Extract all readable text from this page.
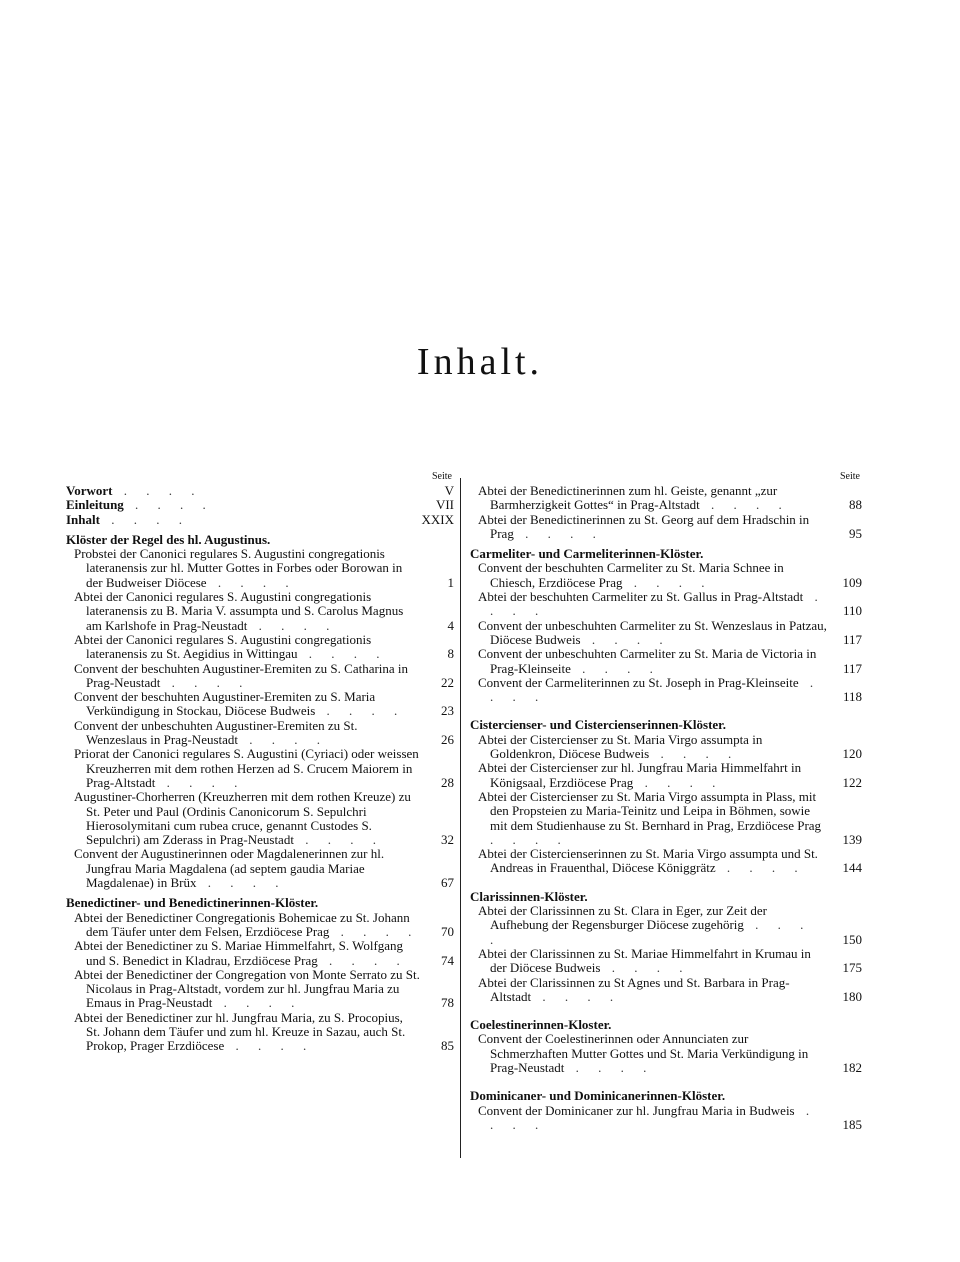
Inhalt.
Seite
Vorwort . . . .	V
Einleitung . . . .	VII
Inhalt . . . .	XXIX
Klöster der Regel des hl. Augustinus.
Probstei der Canonici regulares S. Augustini congregationis lateranensis zur hl. Mutter Gottes in Forbes oder Borowan in der Budweiser Diöcese . . . .	1
Abtei der Canonici regulares S. Augustini congregationis lateranensis zu B. Maria V. assumpta und S. Carolus Magnus am Karlshofe in Prag-Neustadt . . . .	4
Abtei der Canonici regulares S. Augustini congregationis lateranensis zu St. Aegidius in Wittingau . . . .	8
Convent der beschuhten Augustiner-Eremiten zu S. Catharina in Prag-Neustadt . . . .	22
Convent der beschuhten Augustiner-Eremiten zu S. Maria Verkündigung in Stockau, Diöcese Budweis . . . .	23
Convent der unbeschuhten Augustiner-Eremiten zu St. Wenzeslaus in Prag-Neustadt . . . .	26
Priorat der Canonici regulares S. Augustini (Cyriaci) oder weissen Kreuzherren mit dem rothen Herzen ad S. Crucem Maiorem in Prag-Altstadt . . . .	28
Augustiner-Chorherren (Kreuzherren mit dem rothen Kreuze) zu St. Peter und Paul (Ordinis Canonicorum S. Sepulchri Hierosolymitani cum rubea cruce, genannt Custodes S. Sepulchri) am Zderass in Prag-Neustadt . . . .	32
Convent der Augustinerinnen oder Magdalenerinnen zur hl. Jungfrau Maria Magdalena (ad septem gaudia Mariae Magdalenae) in Brüx . . . .	67
Benedictiner- und Benedictinerinnen-Klöster.
Abtei der Benedictiner Congregationis Bohemicae zu St. Johann dem Täufer unter dem Felsen, Erzdiöcese Prag . . . . 70
Abtei der Benedictiner zu S. Mariae Himmelfahrt, S. Wolfgang und S. Benedict in Kladrau, Erzdiöcese Prag . . . .	74
Abtei der Benedictiner der Congregation von Monte Serrato zu St. Nicolaus in Prag-Altstadt, vordem zur hl. Jungfrau Maria zu Emaus in Prag-Neustadt . . . .	78
Abtei der Benedictiner zur hl. Jungfrau Maria, zu S. Procopius, St. Johann dem Täufer und zum hl. Kreuze in Sazau, auch St. Prokop, Prager Erzdiöcese . . . .	85
Seite
Abtei der Benedictinerinnen zum hl. Geiste, genannt „zur Barmherzigkeit Gottes“ in Prag-Altstadt . . . .	88
Abtei der Benedictinerinnen zu St. Georg auf dem Hradschin in Prag . . . .	95
Carmeliter- und Carmeliterinnen-Klöster.
Convent der beschuhten Carmeliter zu St. Maria Schnee in Chiesch, Erzdiöcese Prag . . . .	109
Abtei der beschuhten Carmeliter zu St. Gallus in Prag-Altstadt . . . .	110
Convent der unbeschuhten Carmeliter zu St. Wenzeslaus in Patzau, Diöcese Budweis . . . .	117
Convent der unbeschuhten Carmeliter zu St. Maria de Victoria in Prag-Kleinseite . . . .	117
Convent der Carmeliterinnen zu St. Joseph in Prag-Kleinseite . . . .	118
Cistercienser- und Cistercienserinnen-Klöster.
Abtei der Cistercienser zu St. Maria Virgo assumpta in Goldenkron, Diöcese Budweis . . . .	120
Abtei der Cistercienser zur hl. Jungfrau Maria Himmelfahrt in Königsaal, Erzdiöcese Prag . . . .	122
Abtei der Cistercienser zu St. Maria Virgo assumpta in Plass, mit den Propsteien zu Maria-Teinitz und Leipa in Böhmen, sowie mit dem Studienhause zu St. Bernhard in Prag, Erzdiöcese Prag . . . .	139
Abtei der Cistercienserinnen zu St. Maria Virgo assumpta und St. Andreas in Frauenthal, Diöcese Königgrätz . . . .	144
Clarissinnen-Klöster.
Abtei der Clarissinnen zu St. Clara in Eger, zur Zeit der Aufhebung der Regensburger Diöcese zugehörig . . . .	150
Abtei der Clarissinnen zu St. Mariae Himmelfahrt in Krumau in der Diöcese Budweis . . . .	175
Abtei der Clarissinnen zu St Agnes und St. Barbara in Prag-Altstadt . . . .	180
Coelestinerinnen-Kloster.
Convent der Coelestinerinnen oder Annunciaten zur Schmerzhaften Mutter Gottes und St. Maria Verkündigung in Prag-Neustadt . . . .	182
Dominicaner- und Dominicanerinnen-Klöster.
Convent der Dominicaner zur hl. Jungfrau Maria in Budweis . . . .	185
